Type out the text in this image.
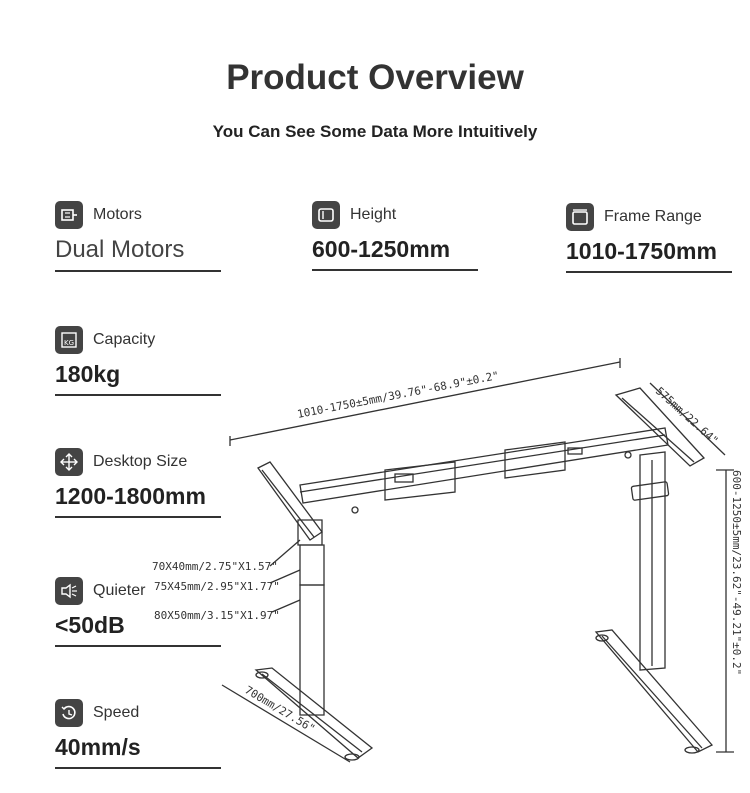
Product Overview
You Can See Some Data More Intuitively
Motors
Dual Motors
Height
600-1250mm
Frame Range
1010-1750mm
KG Capacity
180kg
Desktop Size
1200-1800mm
Quieter
<50dB
Speed
40mm/s
1010-1750±5mm/39.76"-68.9"±0.2"	575mm/22.64"
600-1250±5mm/23.62"-49.21"±0.2"
700mm/27.56"
70X40mm/2.75"X1.57"
75X45mm/2.95"X1.77"
80X50mm/3.15"X1.97"
